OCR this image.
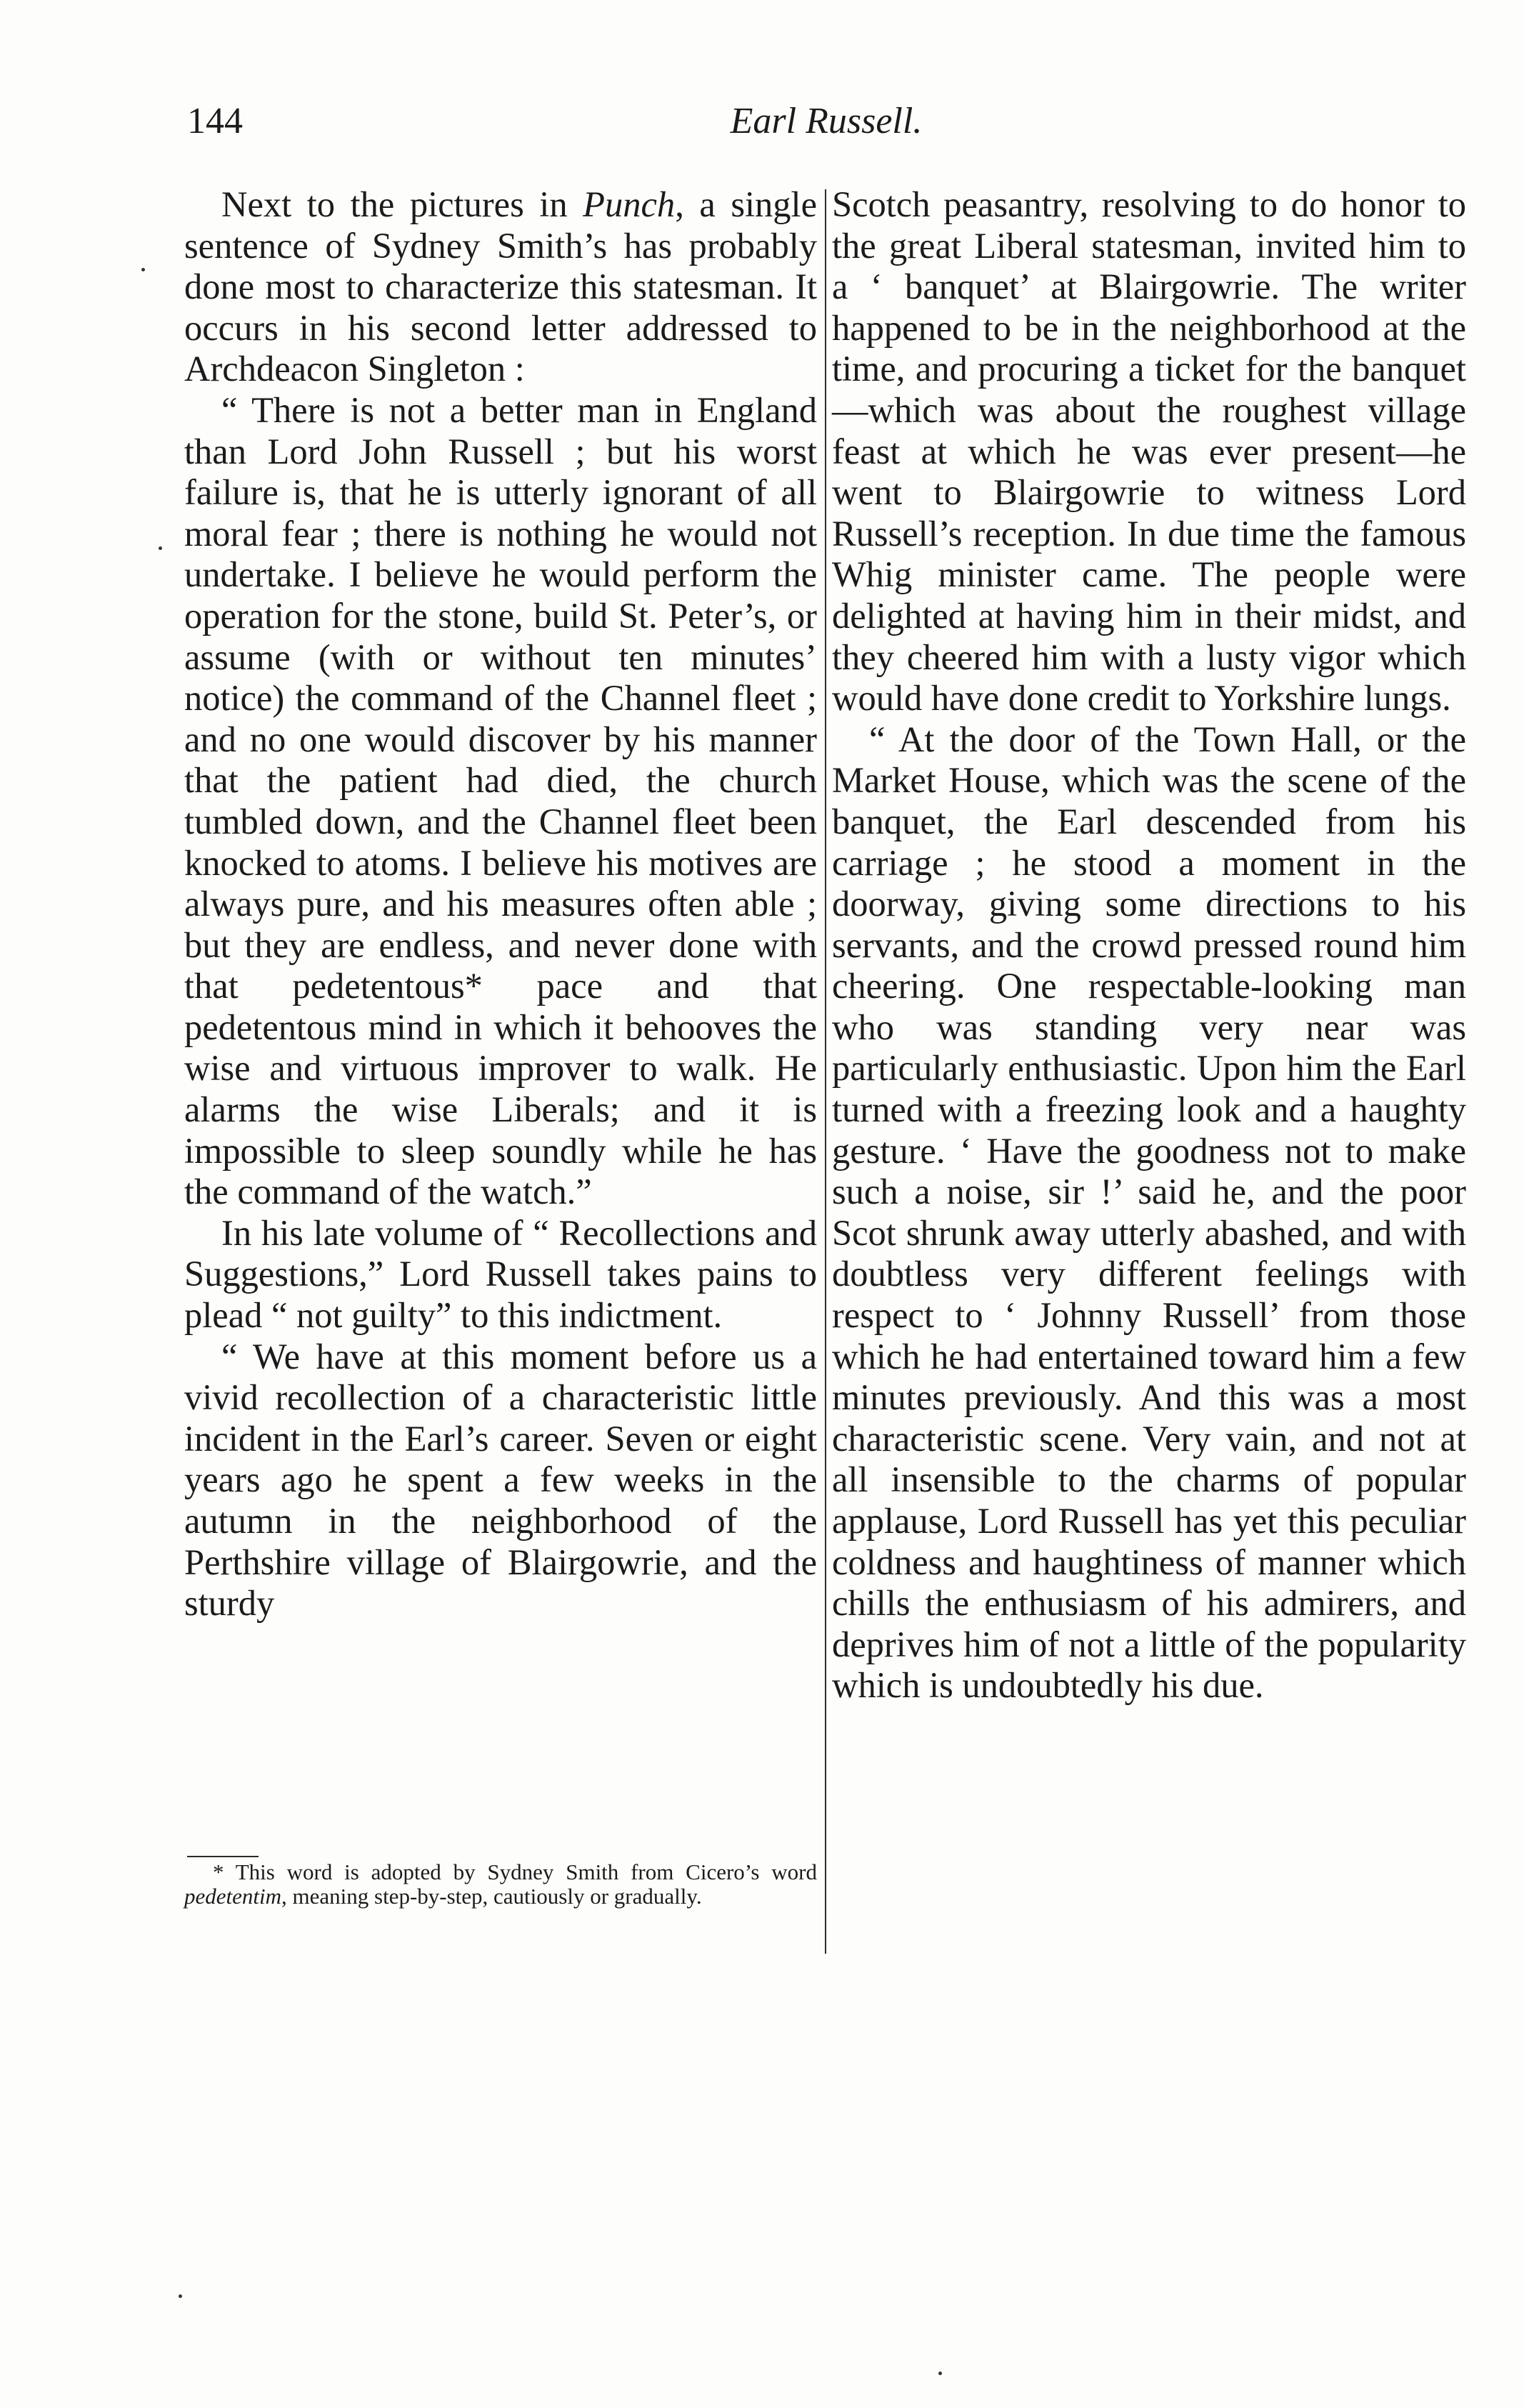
144	Earl Russell.

Next to the pictures in Punch, a single sentence of Sydney Smith’s has probably done most to characterize this statesman. It occurs in his second letter addressed to Archdeacon Singleton :

“ There is not a better man in England than Lord John Russell ; but his worst failure is, that he is utterly ignorant of all moral fear ; there is nothing he would not undertake. I believe he would perform the operation for the stone, build St. Peter’s, or assume (with or without ten minutes’ notice) the command of the Channel fleet ; and no one would discover by his manner that the patient had died, the church tumbled down, and the Channel fleet been knocked to atoms. I believe his motives are always pure, and his measures often able ; but they are endless, and never done with that pedetentous* pace and that pedetentous mind in which it behooves the wise and virtuous improver to walk. He alarms the wise Liberals; and it is impossible to sleep soundly while he has the command of the watch.”

In his late volume of “ Recollections and Suggestions,” Lord Russell takes pains to plead “ not guilty” to this indictment.

“ We have at this moment before us a vivid recollection of a characteristic little incident in the Earl’s career. Seven or eight years ago he spent a few weeks in the autumn in the neighborhood of the Perthshire village of Blairgowrie, and the sturdy

Scotch peasantry, resolving to do honor to the great Liberal statesman, invited him to a ‘ banquet’ at Blairgowrie. The writer happened to be in the neighborhood at the time, and procuring a ticket for the banquet—which was about the roughest village feast at which he was ever present—he went to Blairgowrie to witness Lord Russell’s reception. In due time the famous Whig minister came. The people were delighted at having him in their midst, and they cheered him with a lusty vigor which would have done credit to Yorkshire lungs.

“ At the door of the Town Hall, or the Market House, which was the scene of the banquet, the Earl descended from his carriage ; he stood a moment in the doorway, giving some directions to his servants, and the crowd pressed round him cheering. One respectable-looking man who was standing very near was particularly enthusiastic. Upon him the Earl turned with a freezing look and a haughty gesture. ‘ Have the goodness not to make such a noise, sir !’ said he, and the poor Scot shrunk away utterly abashed, and with doubtless very different feelings with respect to ‘ Johnny Russell’ from those which he had entertained toward him a few minutes previously. And this was a most characteristic scene. Very vain, and not at all insensible to the charms of popular applause, Lord Russell has yet this peculiar coldness and haughtiness of manner which chills the enthusiasm of his admirers, and deprives him of not a little of the popularity which is undoubtedly his due.

* This word is adopted by Sydney Smith from Cicero’s word pedetentim, meaning step-by-step, cautiously or gradually.
